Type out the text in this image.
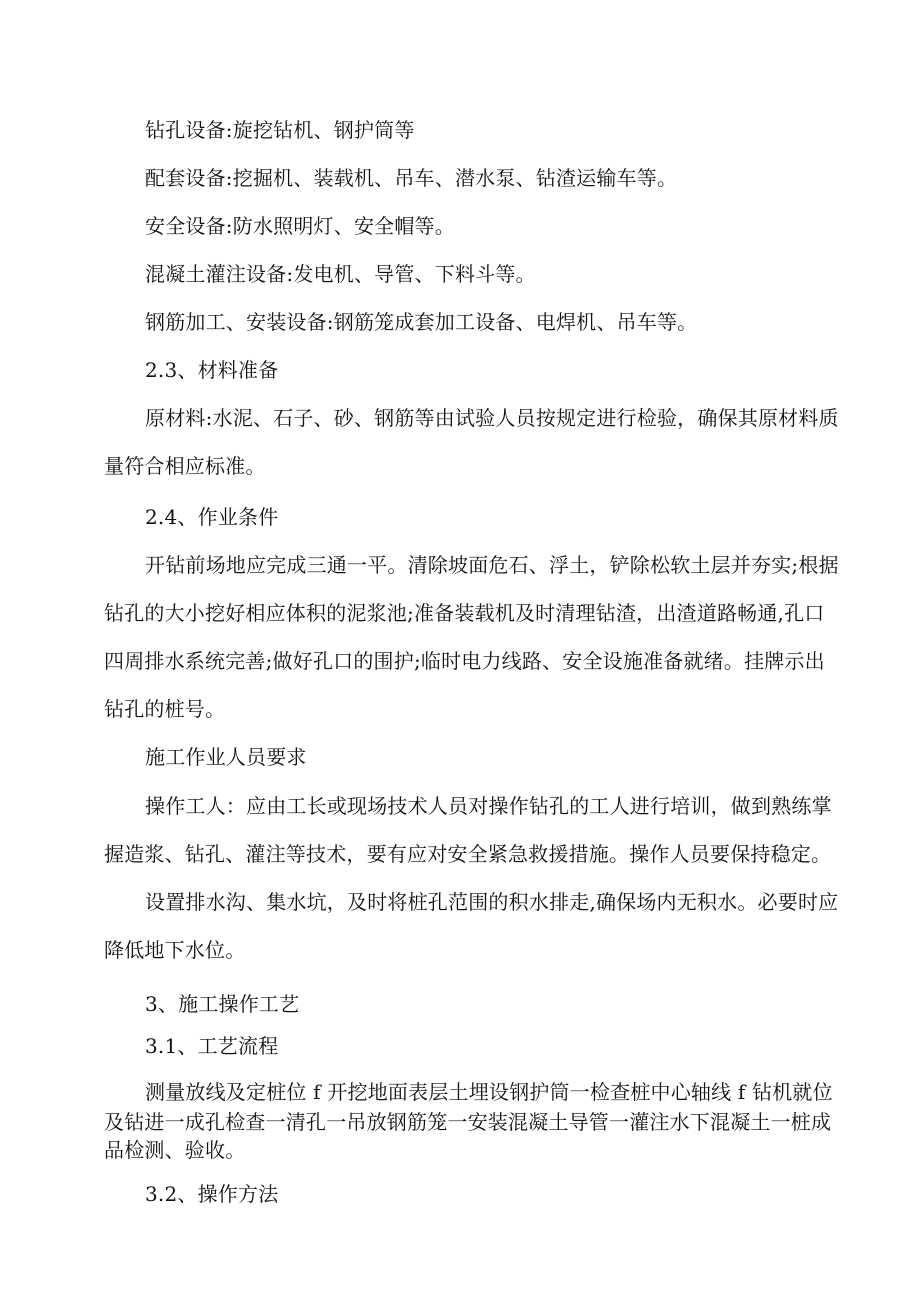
钻孔设备:旋挖钻机、钢护筒等

配套设备:挖掘机、装载机、吊车、潜水泵、钻渣运输车等。

安全设备:防水照明灯、安全帽等。

混凝土灌注设备:发电机、导管、下料斗等。

钢筋加工、安装设备:钢筋笼成套加工设备、电焊机、吊车等。

2.3、材料准备

原材料:水泥、石子、砂、钢筋等由试验人员按规定进行检验，确保其原材料质

量符合相应标准。

2.4、作业条件

开钻前场地应完成三通一平。清除坡面危石、浮土，铲除松软土层并夯实;根据

钻孔的大小挖好相应体积的泥浆池;准备装载机及时清理钻渣，出渣道路畅通,孔口

四周排水系统完善;做好孔口的围护;临时电力线路、安全设施准备就绪。挂牌示出

钻孔的桩号。

施工作业人员要求

操作工人：应由工长或现场技术人员对操作钻孔的工人进行培训，做到熟练掌

握造浆、钻孔、灌注等技术，要有应对安全紧急救援措施。操作人员要保持稳定。

设置排水沟、集水坑，及时将桩孔范围的积水排走,确保场内无积水。必要时应

降低地下水位。

3、施工操作工艺

3.1、工艺流程

测量放线及定桩位 f 开挖地面表层土埋设钢护筒一检查桩中心轴线 f 钻机就位

及钻进一成孔检查一清孔一吊放钢筋笼一安装混凝土导管一灌注水下混凝土一桩成

品检测、验收。

3.2、操作方法
